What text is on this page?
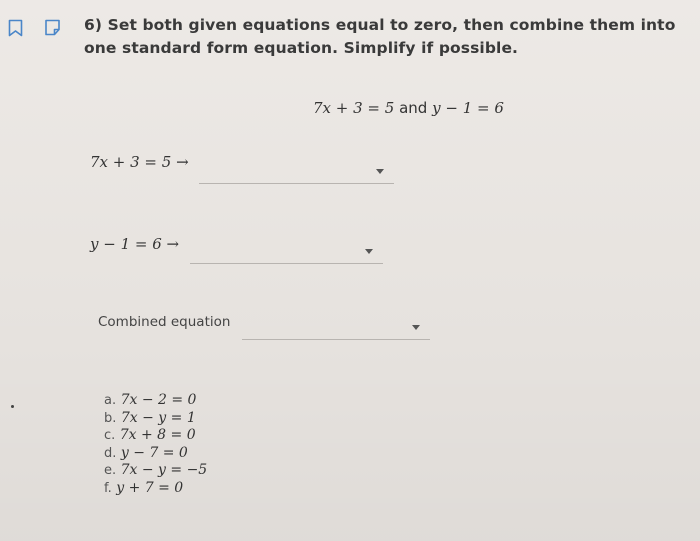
6) Set both given equations equal to zero, then combine them into one standard form equation. Simplify if possible.
7x + 3 = 5 and y − 1 = 6
7x + 3 = 5 →
y − 1 = 6 →
Combined equation
a. 7x − 2 = 0
b. 7x − y = 1
c. 7x + 8 = 0
d. y − 7 = 0
e. 7x − y = −5
f. y + 7 = 0
